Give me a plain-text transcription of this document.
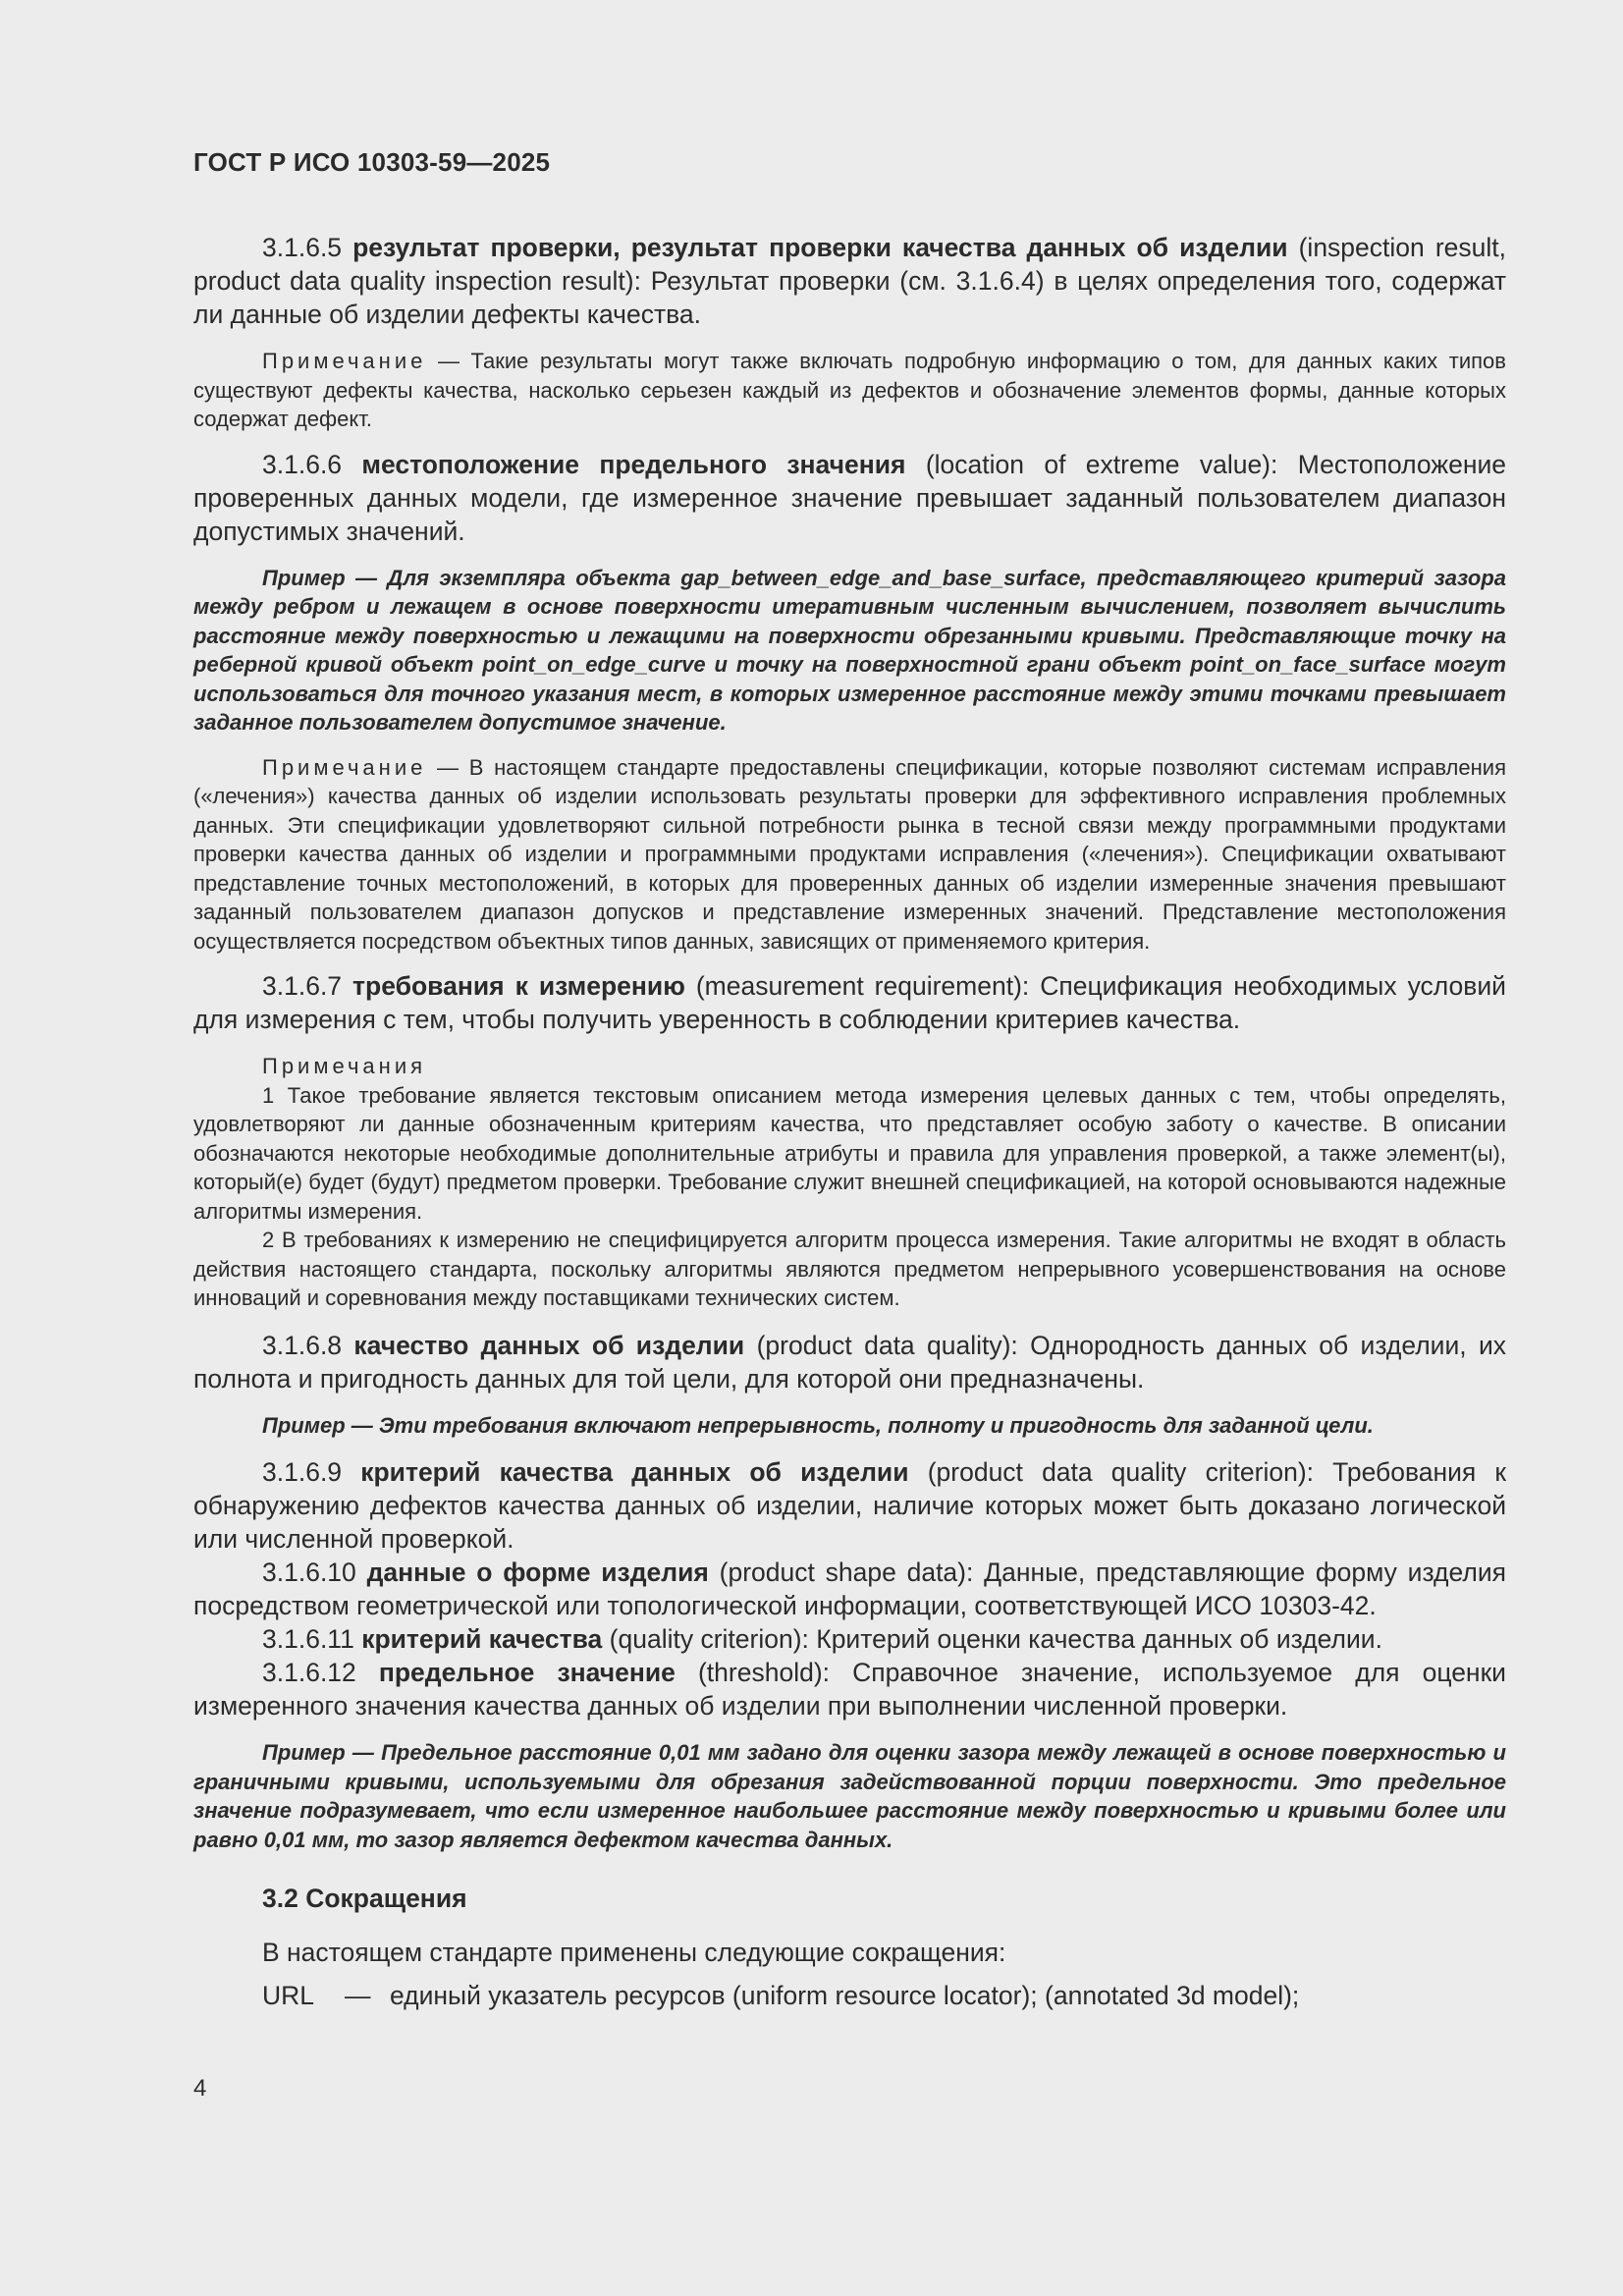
ГОСТ Р ИСО 10303-59—2025

3.1.6.5 результат проверки, результат проверки качества данных об изделии (inspection result, product data quality inspection result): Результат проверки (см. 3.1.6.4) в целях определения того, содержат ли данные об изделии дефекты качества.

Примечание — Такие результаты могут также включать подробную информацию о том, для данных каких типов существуют дефекты качества, насколько серьезен каждый из дефектов и обозначение элементов формы, данные которых содержат дефект.

3.1.6.6 местоположение предельного значения (location of extreme value): Местоположение проверенных данных модели, где измеренное значение превышает заданный пользователем диапазон допустимых значений.

Пример — Для экземпляра объекта gap_between_edge_and_base_surface, представляющего критерий зазора между ребром и лежащем в основе поверхности итеративным численным вычислением, позволяет вычислить расстояние между поверхностью и лежащими на поверхности обрезанными кривыми. Представляющие точку на реберной кривой объект point_on_edge_curve и точку на поверхностной грани объект point_on_face_surface могут использоваться для точного указания мест, в которых измеренное расстояние между этими точками превышает заданное пользователем допустимое значение.

Примечание — В настоящем стандарте предоставлены спецификации, которые позволяют системам исправления («лечения») качества данных об изделии использовать результаты проверки для эффективного исправления проблемных данных. Эти спецификации удовлетворяют сильной потребности рынка в тесной связи между программными продуктами проверки качества данных об изделии и программными продуктами исправления («лечения»). Спецификации охватывают представление точных местоположений, в которых для проверенных данных об изделии измеренные значения превышают заданный пользователем диапазон допусков и представление измеренных значений. Представление местоположения осуществляется посредством объектных типов данных, зависящих от применяемого критерия.

3.1.6.7 требования к измерению (measurement requirement): Спецификация необходимых условий для измерения с тем, чтобы получить уверенность в соблюдении критериев качества.

Примечания

1 Такое требование является текстовым описанием метода измерения целевых данных с тем, чтобы определять, удовлетворяют ли данные обозначенным критериям качества, что представляет особую заботу о качестве. В описании обозначаются некоторые необходимые дополнительные атрибуты и правила для управления проверкой, а также элемент(ы), который(е) будет (будут) предметом проверки. Требование служит внешней спецификацией, на которой основываются надежные алгоритмы измерения.

2 В требованиях к измерению не специфицируется алгоритм процесса измерения. Такие алгоритмы не входят в область действия настоящего стандарта, поскольку алгоритмы являются предметом непрерывного усовершенствования на основе инноваций и соревнования между поставщиками технических систем.

3.1.6.8 качество данных об изделии (product data quality): Однородность данных об изделии, их полнота и пригодность данных для той цели, для которой они предназначены.

Пример — Эти требования включают непрерывность, полноту и пригодность для заданной цели.

3.1.6.9 критерий качества данных об изделии (product data quality criterion): Требования к обнаружению дефектов качества данных об изделии, наличие которых может быть доказано логической или численной проверкой.

3.1.6.10 данные о форме изделия (product shape data): Данные, представляющие форму изделия посредством геометрической или топологической информации, соответствующей ИСО 10303-42.

3.1.6.11 критерий качества (quality criterion): Критерий оценки качества данных об изделии.

3.1.6.12 предельное значение (threshold): Справочное значение, используемое для оценки измеренного значения качества данных об изделии при выполнении численной проверки.

Пример — Предельное расстояние 0,01 мм задано для оценки зазора между лежащей в основе поверхностью и граничными кривыми, используемыми для обрезания задействованной порции поверхности. Это предельное значение подразумевает, что если измеренное наибольшее расстояние между поверхностью и кривыми более или равно 0,01 мм, то зазор является дефектом качества данных.

3.2 Сокращения

В настоящем стандарте применены следующие сокращения:

URL	— единый указатель ресурсов (uniform resource locator); (annotated 3d model);
4
